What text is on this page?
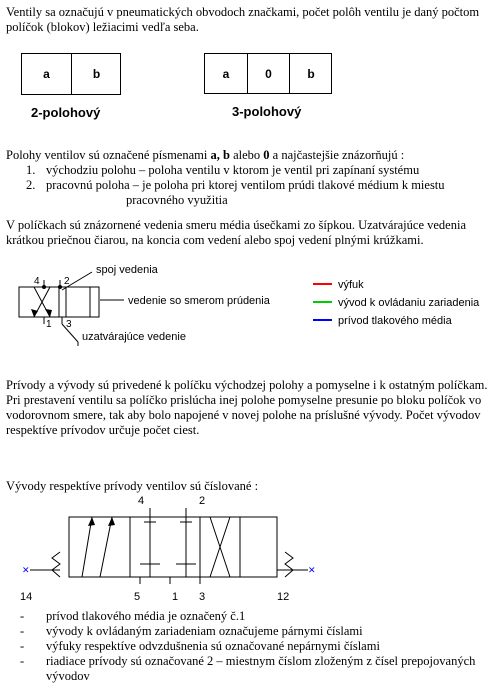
Ventily sa označujú v pneumatických obvodoch značkami, počet polôh ventilu je daný počtom políčok (blokov) ležiacimi vedľa seba.
a	b
2-polohový
a	0	b
3-polohový
Polohy ventilov sú označené písmenami a, b alebo 0 a najčastejšie znázorňujú :
1. východziu polohu – poloha ventilu v ktorom je ventil pri zapínaní systému
2. pracovnú poloha – je poloha pri ktorej ventilom prúdi tlakové médium k miestu
pracovného využitia
V políčkach sú znázornené vedenia smeru média úsečkami zo šípkou. Uzatvárajúce vedenia krátkou priečnou čiarou, na koncia com vedení alebo spoj vedení plnými krúžkami.
4 2
1 3
spoj vedenia
vedenie so smerom prúdenia
uzatvárajúce vedenie
výfuk
vývod k ovládaniu zariadenia
prívod tlakového média
Prívody a vývody sú privedené k políčku východzej polohy a pomyselne i k ostatným políčkam. Pri prestavení ventilu sa políčko prislúcha inej polohe pomyselne presunie po bloku políčok vo vodorovnom smere, tak aby bolo napojené v novej polohe na príslušné vývody. Počet vývodov respektíve prívodov určuje počet ciest.
Vývody respektíve prívody ventilov sú číslované :
✕	✕
4	2
14	5	1 3	12
- prívod tlakového média je označený č.1
- vývody k ovládaným zariadeniam označujeme párnymi číslami
- výfuky respektíve odvzdušnenia sú označované nepárnymi číslami
- riadiace prívody sú označované 2 – miestnym číslom zloženým z čísel prepojovaných vývodov
